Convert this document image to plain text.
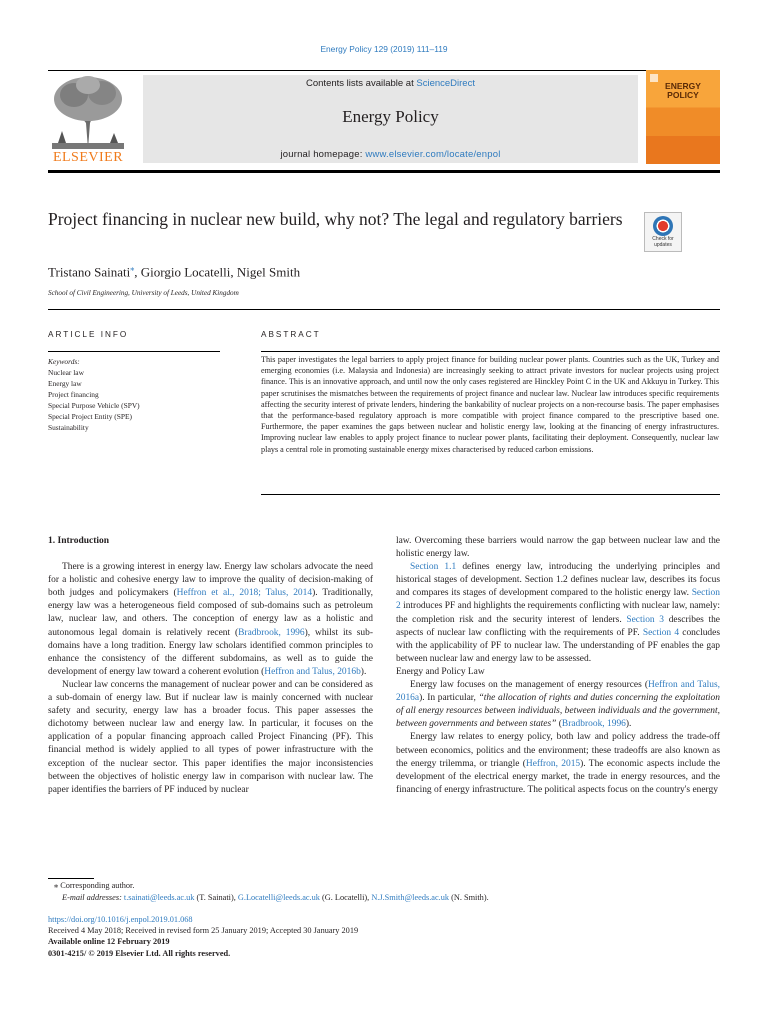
Energy Policy 129 (2019) 111–119
ELSEVIER
Contents lists available at ScienceDirect
Energy Policy
journal homepage: www.elsevier.com/locate/enpol
ENERGY
POLICY
Project financing in nuclear new build, why not? The legal and regulatory barriers
Check for updates
Tristano Sainati⁎, Giorgio Locatelli, Nigel Smith
School of Civil Engineering, University of Leeds, United Kingdom
ARTICLE INFO
Keywords:
Nuclear law
Energy law
Project financing
Special Purpose Vehicle (SPV)
Special Project Entity (SPE)
Sustainability
ABSTRACT
This paper investigates the legal barriers to apply project finance for building nuclear power plants. Countries such as the UK, Turkey and emerging economies (i.e. Malaysia and Indonesia) are increasingly seeking to attract private investors for nuclear projects using project finance. This is an innovative approach, and until now the only cases registered are Hinckley Point C in the UK and Akkuyu in Turkey. This paper scrutinises the mismatches between the requirements of project finance and nuclear law. Nuclear law introduces specific requirements affecting the security interest of private lenders, hindering the bankability of nuclear projects on a non-recourse basis. The paper emphasises that the performance-based regulatory approach is more compatible with project finance compared to the prescriptive based one. Furthermore, the paper examines the gaps between nuclear and holistic energy law, looking at the financing of energy infrastructures. Improving nuclear law enables to apply project finance to nuclear power plants, facilitating their deployment. Consequently, nuclear law plays a central role in promoting sustainable energy mixes characterised by reduced carbon emissions.

1. Introduction

There is a growing interest in energy law. Energy law scholars advocate the need for a holistic and cohesive energy law to improve the quality of decision-making of both judges and policymakers (Heffron et al., 2018; Talus, 2014). Traditionally, energy law was a heterogeneous field composed of sub-domains such as petroleum law, nuclear law, and others. The conception of energy law as a holistic and autonomous legal domain is relatively recent (Bradbrook, 1996), whilst its sub-domains have a long tradition. Energy law scholars identified common principles to enhance the consistency of the different subdomains, as well as to guide the development of energy law toward a coherent evolution (Heffron and Talus, 2016b).

Nuclear law concerns the management of nuclear power and can be considered as a sub-domain of energy law. But if nuclear law is mainly concerned with nuclear safety and security, energy law has a broader focus. This paper assesses the dichotomy between nuclear law and energy law. In particular, it focuses on the application of a popular financing approach called Project Financing (PF). This financial method is widely applied to all types of power infrastructure with the exception of the nuclear sector. This paper identifies the major inconsistencies between the objectives of holistic energy law in comparison with nuclear law. The paper identifies the barriers of PF induced by nuclear

law. Overcoming these barriers would narrow the gap between nuclear law and the holistic energy law.

Section 1.1 defines energy law, introducing the underlying principles and historical stages of development. Section 1.2 defines nuclear law, describes its focus and compares its stages of development compared to the holistic energy law. Section 2 introduces PF and highlights the requirements conflicting with nuclear law, namely: the completion risk and the security interest of lenders. Section 3 describes the aspects of nuclear law conflicting with the requirements of PF. Section 4 concludes with the applicability of PF to nuclear law. The understanding of PF enables the gap between nuclear law and energy law to be assessed.

Energy and Policy Law

Energy law focuses on the management of energy resources (Heffron and Talus, 2016a). In particular, “the allocation of rights and duties concerning the exploitation of all energy resources between individuals, between individuals and the government, between governments and between states” (Bradbrook, 1996).

Energy law relates to energy policy, both law and policy address the trade-off between economics, politics and the environment; these tradeoffs are also known as the energy trilemma, or triangle (Heffron, 2015). The economic aspects include the development of the electrical energy market, the trade in energy resources, and the financing of energy infrastructure. The political aspects focus on the country's energy

⁎ Corresponding author.
E-mail addresses: t.sainati@leeds.ac.uk (T. Sainati), G.Locatelli@leeds.ac.uk (G. Locatelli), N.J.Smith@leeds.ac.uk (N. Smith).
https://doi.org/10.1016/j.enpol.2019.01.068
Received 4 May 2018; Received in revised form 25 January 2019; Accepted 30 January 2019
Available online 12 February 2019
0301-4215/ © 2019 Elsevier Ltd. All rights reserved.
